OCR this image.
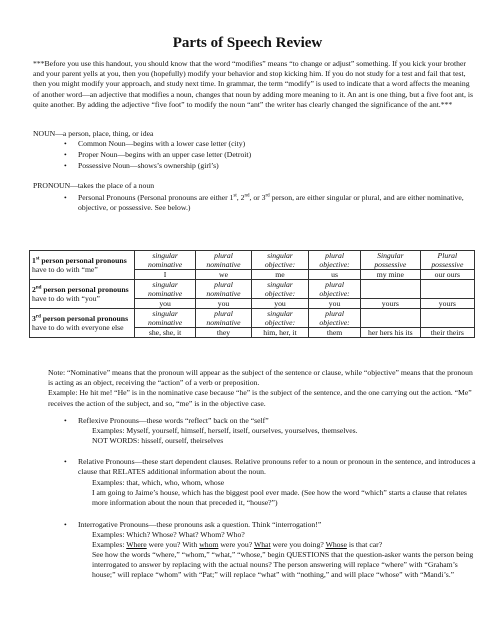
Parts of Speech Review
***Before you use this handout, you should know that the word “modifies” means “to change or adjust” something. If you kick your brother and your parent yells at you, then you (hopefully) modify your behavior and stop kicking him. If you do not study for a test and fail that test, then you might modify your approach, and study next time. In grammar, the term “modify” is used to indicate that a word affects the meaning of another word—an adjective that modifies a noun, changes that noun by adding more meaning to it. An ant is one thing, but a five foot ant, is quite another. By adding the adjective “five foot” to modify the noun “ant” the writer has clearly changed the significance of the ant.***
NOUN—a person, place, thing, or idea
• Common Noun—begins with a lower case letter (city)
• Proper Noun—begins with an upper case letter (Detroit)
• Possessive Noun—shows’s ownership (girl’s)
PRONOUN—takes the place of a noun
• Personal Pronouns (Personal pronouns are either 1st, 2nd, or 3rd person, are either singular or plural, and are either nominative, objective, or possessive. See below.)
1st person personal pronouns
have to do with “me”	singular nominative	plural nominative	singular objective:	plural objective:	Singular possessive	Plural possessive
	I	we	me	us	my mine	our ours
2nd person personal pronouns
have to do with “you”	singular nominative	plural nominative	singular objective:	plural objective:		
	you	you	you	you	yours	yours
3rd person personal pronouns
have to do with everyone else	singular nominative	plural nominative	singular objective:	plural objective:		
	she, she, it	they	him, her, it	them	her hers his its	their theirs
Note: “Nominative” means that the pronoun will appear as the subject of the sentence or clause, while “objective” means that the pronoun is acting as an object, receiving the “action” of a verb or preposition.
Example: He hit me! “He” is in the nominative case because “he” is the subject of the sentence, and the one carrying out the action. “Me” receives the action of the subject, and so, “me” is in the objective case.
• Reflexive Pronouns—these words “reflect” back on the “self”
Examples: Myself, yourself, himself, herself, itself, ourselves, yourselves, themselves.
NOT WORDS: hisself, ourself, theirselves
• Relative Pronouns—these start dependent clauses. Relative pronouns refer to a noun or pronoun in the sentence, and introduces a clause that RELATES additional information about the noun.
Examples: that, which, who, whom, whose
I am going to Jaime’s house, which has the biggest pool ever made. (See how the word “which” starts a clause that relates more information about the noun that preceded it, “house?”)
• Interrogative Pronouns—these pronouns ask a question. Think “interrogation!”
Examples: Which? Whose? What? Whom? Who?
Examples: Where were you? With whom were you? What were you doing? Whose is that car?
See how the words “where,” “whom,” “what,” “whose,” begin QUESTIONS that the question-asker wants the person being interrogated to answer by replacing with the actual nouns? The person answering will replace “where” with “Graham’s house;” will replace “whom” with “Pat;” will replace “what” with “nothing,” and will place “whose” with “Mandi’s.”
